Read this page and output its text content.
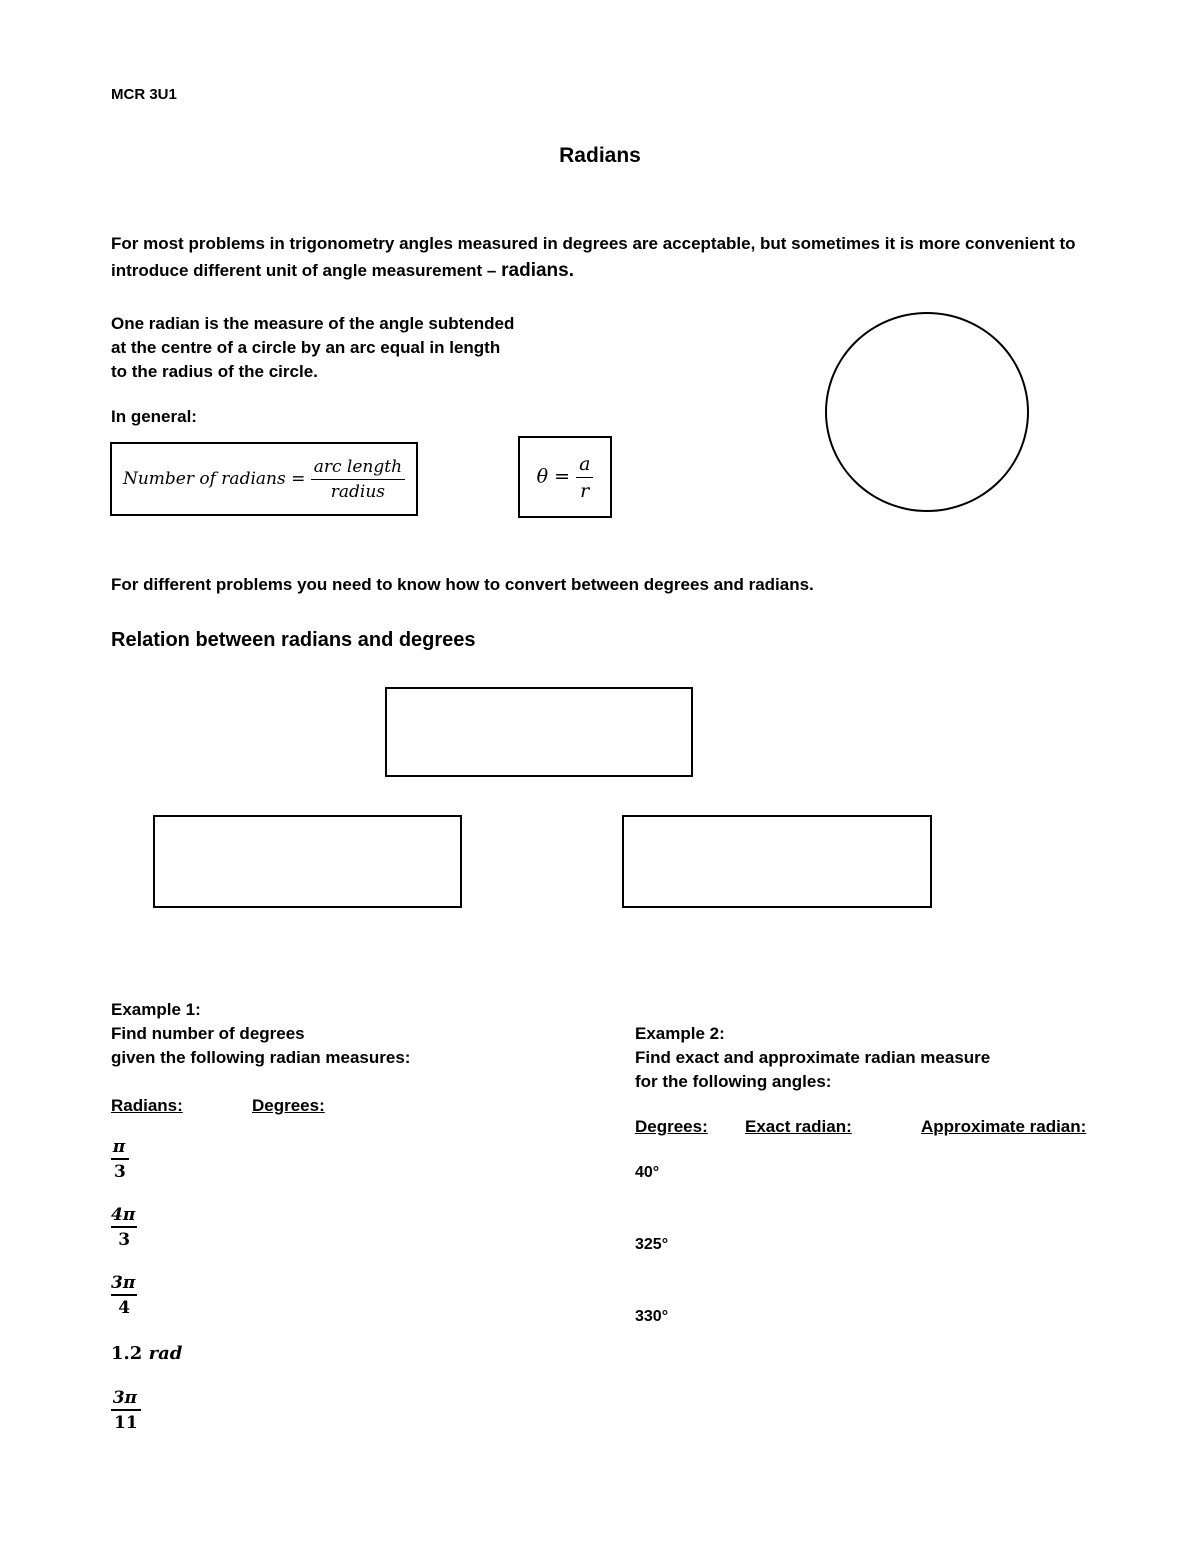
MCR 3U1
Radians
For most problems in trigonometry angles measured in degrees are acceptable, but sometimes it is more convenient to introduce different unit of angle measurement – radians.
One radian is the measure of the angle subtended
at the centre of a circle by an arc equal in length
to the radius of the circle.
In general:
Number of radians = $\frac{\text{arc length}}{\text{radius}}$	$\theta = \frac{a}{r}$
For different problems you need to know how to convert between degrees and radians.
Relation between radians and degrees
Example 1:
Find number of degrees
given the following radian measures:
Radians:	Degrees:
$\frac{\pi}{3}$
$\frac{4\pi}{3}$
$\frac{3\pi}{4}$
1.2 rad
$\frac{3\pi}{11}$
Example 2:
Find exact and approximate radian measure
for the following angles:
Degrees: Exact radian:	Approximate radian:
40°
325°
330°
